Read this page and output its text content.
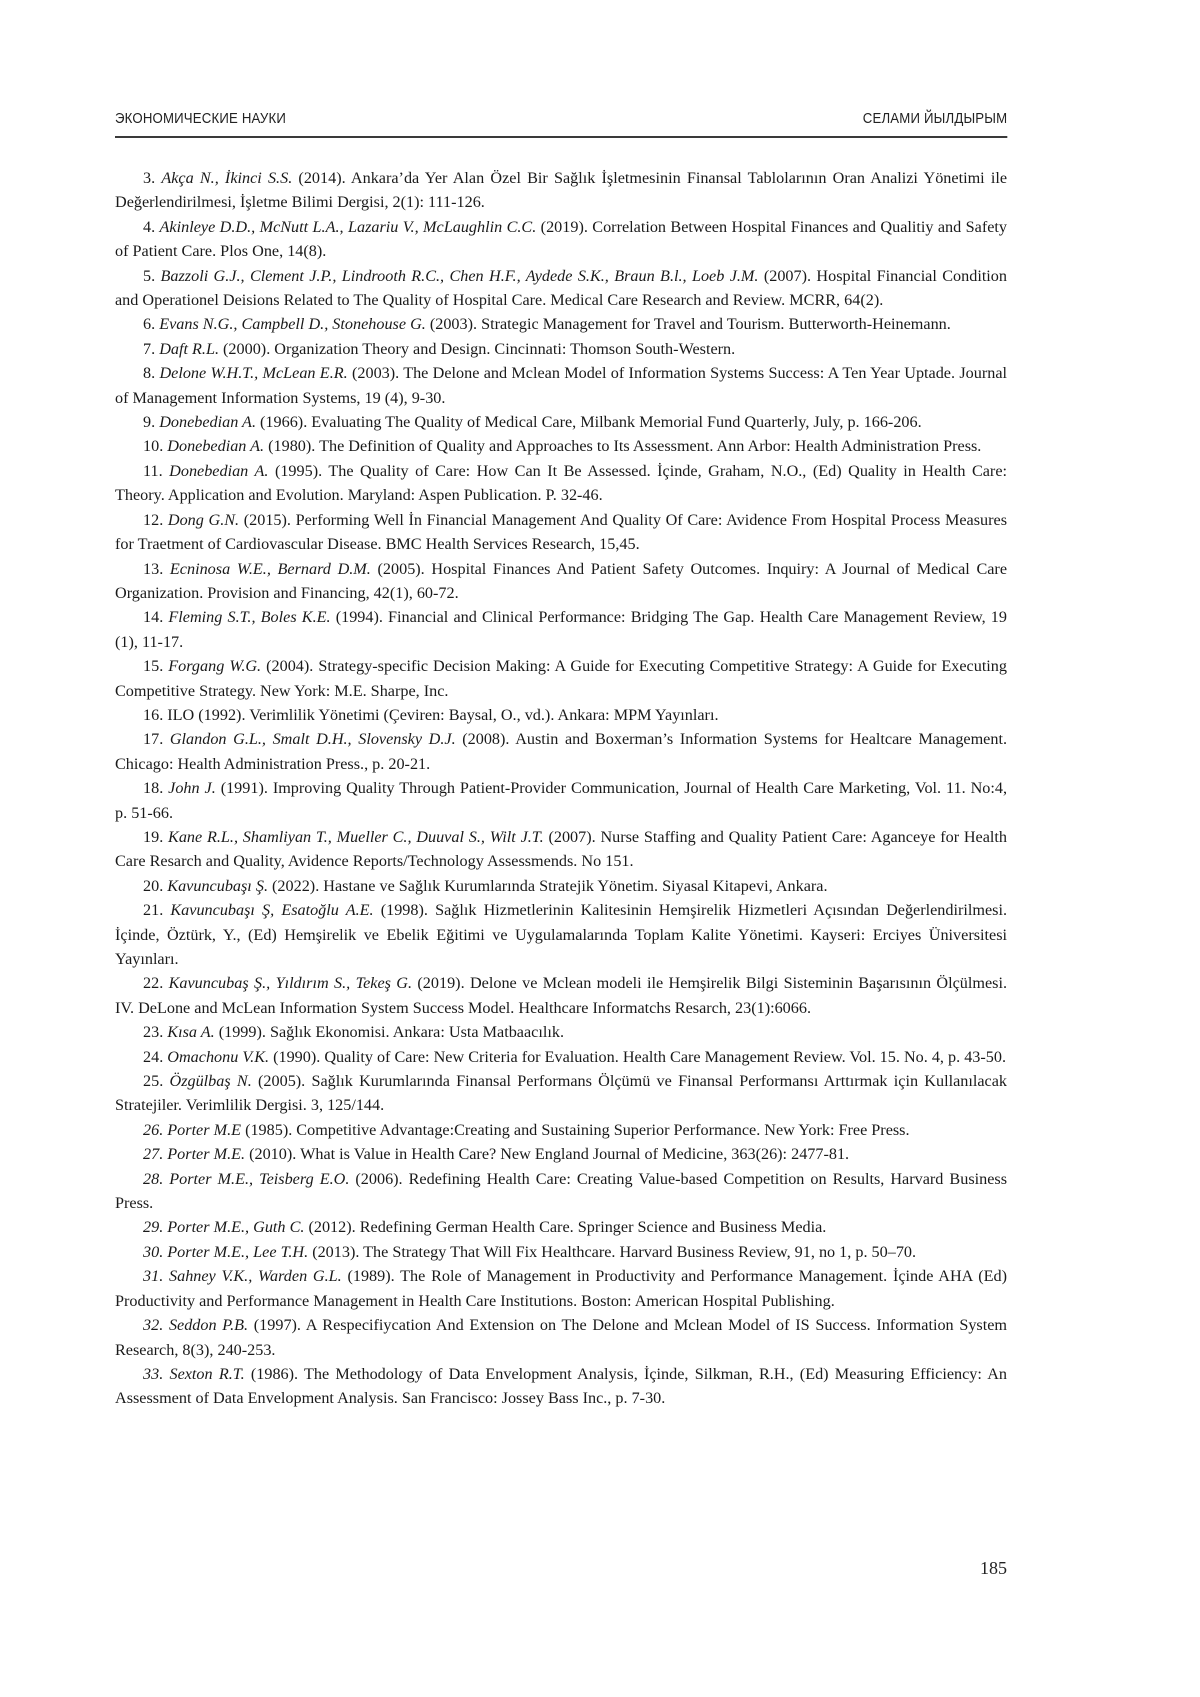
ЭКОНОМИЧЕСКИЕ НАУКИ	СЕЛАМИ ЙЫЛДЫРЫМ

3. Akça N., İkinci S.S. (2014). Ankara’da Yer Alan Özel Bir Sağlık İşletmesinin Finansal Tablolarının Oran Analizi Yönetimi ile Değerlendirilmesi, İşletme Bilimi Dergisi, 2(1): 111-126.

4. Akinleye D.D., McNutt L.A., Lazariu V., McLaughlin C.C. (2019). Correlation Between Hospital Finances and Qualitiy and Safety of Patient Care. Plos One, 14(8).

5. Bazzoli G.J., Clement J.P., Lindrooth R.C., Chen H.F., Aydede S.K., Braun B.l., Loeb J.M. (2007). Hospital Financial Condition and Operationel Deisions Related to The Quality of Hospital Care. Medical Care Research and Review. MCRR, 64(2).

6. Evans N.G., Campbell D., Stonehouse G. (2003). Strategic Management for Travel and Tourism. Butterworth-Heinemann.

7. Daft R.L. (2000). Organization Theory and Design. Cincinnati: Thomson South-Western.

8. Delone W.H.T., McLean E.R. (2003). The Delone and Mclean Model of Information Systems Success: A Ten Year Uptade. Journal of Management Information Systems, 19 (4), 9-30.

9. Donebedian A. (1966). Evaluating The Quality of Medical Care, Milbank Memorial Fund Quarterly, July, p. 166-206.

10. Donebedian A. (1980). The Definition of Quality and Approaches to Its Assessment. Ann Arbor: Health Administration Press.

11. Donebedian A. (1995). The Quality of Care: How Can It Be Assessed. İçinde, Graham, N.O., (Ed) Quality in Health Care: Theory. Application and Evolution. Maryland: Aspen Publication. P. 32-46.

12. Dong G.N. (2015). Performing Well İn Financial Management And Quality Of Care: Avidence From Hospital Process Measures for Traetment of Cardiovascular Disease. BMC Health Services Research, 15,45.

13. Ecninosa W.E., Bernard D.M. (2005). Hospital Finances And Patient Safety Outcomes. Inquiry: A Journal of Medical Care Organization. Provision and Financing, 42(1), 60-72.

14. Fleming S.T., Boles K.E. (1994). Financial and Clinical Performance: Bridging The Gap. Health Care Management Review, 19 (1), 11-17.

15. Forgang W.G. (2004). Strategy-specific Decision Making: A Guide for Executing Competitive Strategy: A Guide for Executing Competitive Strategy. New York: M.E. Sharpe, Inc.

16. ILO (1992). Verimlilik Yönetimi (Çeviren: Baysal, O., vd.). Ankara: MPM Yayınları.

17. Glandon G.L., Smalt D.H., Slovensky D.J. (2008). Austin and Boxerman’s Information Systems for Healtcare Management. Chicago: Health Administration Press., p. 20-21.

18. John J. (1991). Improving Quality Through Patient-Provider Communication, Journal of Health Care Marketing, Vol. 11. No:4, p. 51-66.

19. Kane R.L., Shamliyan T., Mueller C., Duuval S., Wilt J.T. (2007). Nurse Staffing and Quality Patient Care: Aganceye for Health Care Resarch and Quality, Avidence Reports/Technology Assessmends. No 151.

20. Kavuncubaşı Ş. (2022). Hastane ve Sağlık Kurumlarında Stratejik Yönetim. Siyasal Kitapevi, Ankara.

21. Kavuncubaşı Ş, Esatoğlu A.E. (1998). Sağlık Hizmetlerinin Kalitesinin Hemşirelik Hizmetleri Açısından Değerlendirilmesi. İçinde, Öztürk, Y., (Ed) Hemşirelik ve Ebelik Eğitimi ve Uygulamalarında Toplam Kalite Yönetimi. Kayseri: Erciyes Üniversitesi Yayınları.

22. Kavuncubaş Ş., Yıldırım S., Tekeş G. (2019). Delone ve Mclean modeli ile Hemşirelik Bilgi Sisteminin Başarısının Ölçülmesi. IV. DeLone and McLean Information System Success Model. Healthcare Informatchs Resarch, 23(1):6066.

23. Kısa A. (1999). Sağlık Ekonomisi. Ankara: Usta Matbaacılık.

24. Omachonu V.K. (1990). Quality of Care: New Criteria for Evaluation. Health Care Management Review. Vol. 15. No. 4, p. 43-50.

25. Özgülbaş N. (2005). Sağlık Kurumlarında Finansal Performans Ölçümü ve Finansal Performansı Arttırmak için Kullanılacak Stratejiler. Verimlilik Dergisi. 3, 125/144.

26. Porter M.E (1985). Competitive Advantage:Creating and Sustaining Superior Performance. New York: Free Press.

27. Porter M.E. (2010). What is Value in Health Care? New England Journal of Medicine, 363(26): 2477-81.

28. Porter M.E., Teisberg E.O. (2006). Redefining Health Care: Creating Value-based Competition on Results, Harvard Business Press.

29. Porter M.E., Guth C. (2012). Redefining German Health Care. Springer Science and Business Media.

30. Porter M.E., Lee T.H. (2013). The Strategy That Will Fix Healthcare. Harvard Business Review, 91, no 1, p. 50–70.

31. Sahney V.K., Warden G.L. (1989). The Role of Management in Productivity and Performance Management. İçinde AHA (Ed) Productivity and Performance Management in Health Care Institutions. Boston: American Hospital Publishing.

32. Seddon P.B. (1997). A Respecifiycation And Extension on The Delone and Mclean Model of IS Success. Information System Research, 8(3), 240-253.

33. Sexton R.T. (1986). The Methodology of Data Envelopment Analysis, İçinde, Silkman, R.H., (Ed) Measuring Efficiency: An Assessment of Data Envelopment Analysis. San Francisco: Jossey Bass Inc., p. 7-30.

185
